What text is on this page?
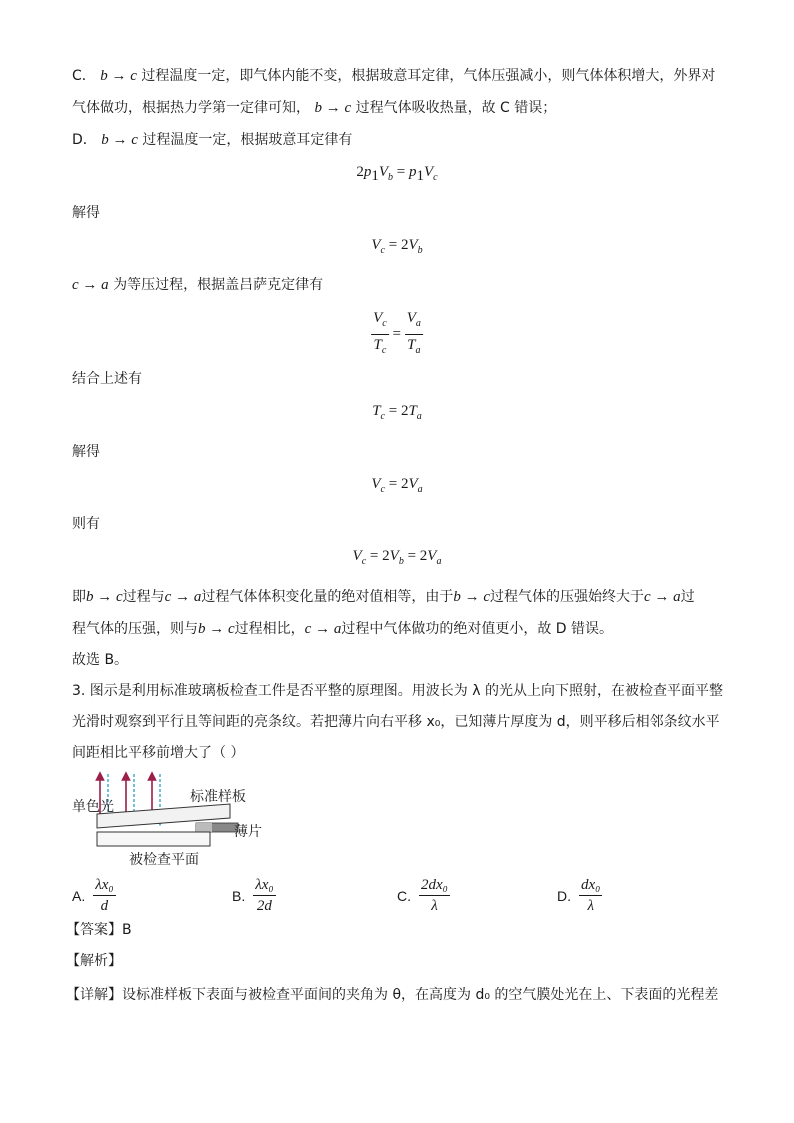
C． b → c 过程温度一定，即气体内能不变，根据玻意耳定律，气体压强减小，则气体体积增大，外界对
气体做功，根据热力学第一定律可知， b → c 过程气体吸收热量，故 C 错误；
D． b → c 过程温度一定，根据玻意耳定律有
$2p_1V_b = p_1V_c$
解得
$V_c = 2V_b$
c → a 为等压过程，根据盖吕萨克定律有
$\frac{V_c}{T_c} = \frac{V_a}{T_a}$
结合上述有
$T_c = 2T_a$
解得
$V_c = 2V_a$
则有
$V_c = 2V_b = 2V_a$
即b → c过程与c → a过程气体体积变化量的绝对值相等，由于b → c过程气体的压强始终大于c → a过
程气体的压强，则与b → c过程相比，c → a过程中气体做功的绝对值更小，故 D 错误。
故选 B。
3. 图示是利用标准玻璃板检查工件是否平整的原理图。用波长为 λ 的光从上向下照射，在被检查平面平整
光滑时观察到平行且等间距的亮条纹。若把薄片向右平移 x₀，已知薄片厚度为 d，则平移后相邻条纹水平
间距相比平移前增大了（ ）
单色光
标准样板
薄片
被检查平面
A. $\frac{\text{λx₀}}{d}$	B. $\frac{\text{λx₀}}{2d}$	C. $\frac{\text{2dx₀}}{\lambda}$	D. $\frac{\text{dx₀}}{\lambda}$
【答案】B
【解析】
【详解】设标准样板下表面与被检查平面间的夹角为 θ，在高度为 d₀ 的空气膜处光在上、下表面的光程差
